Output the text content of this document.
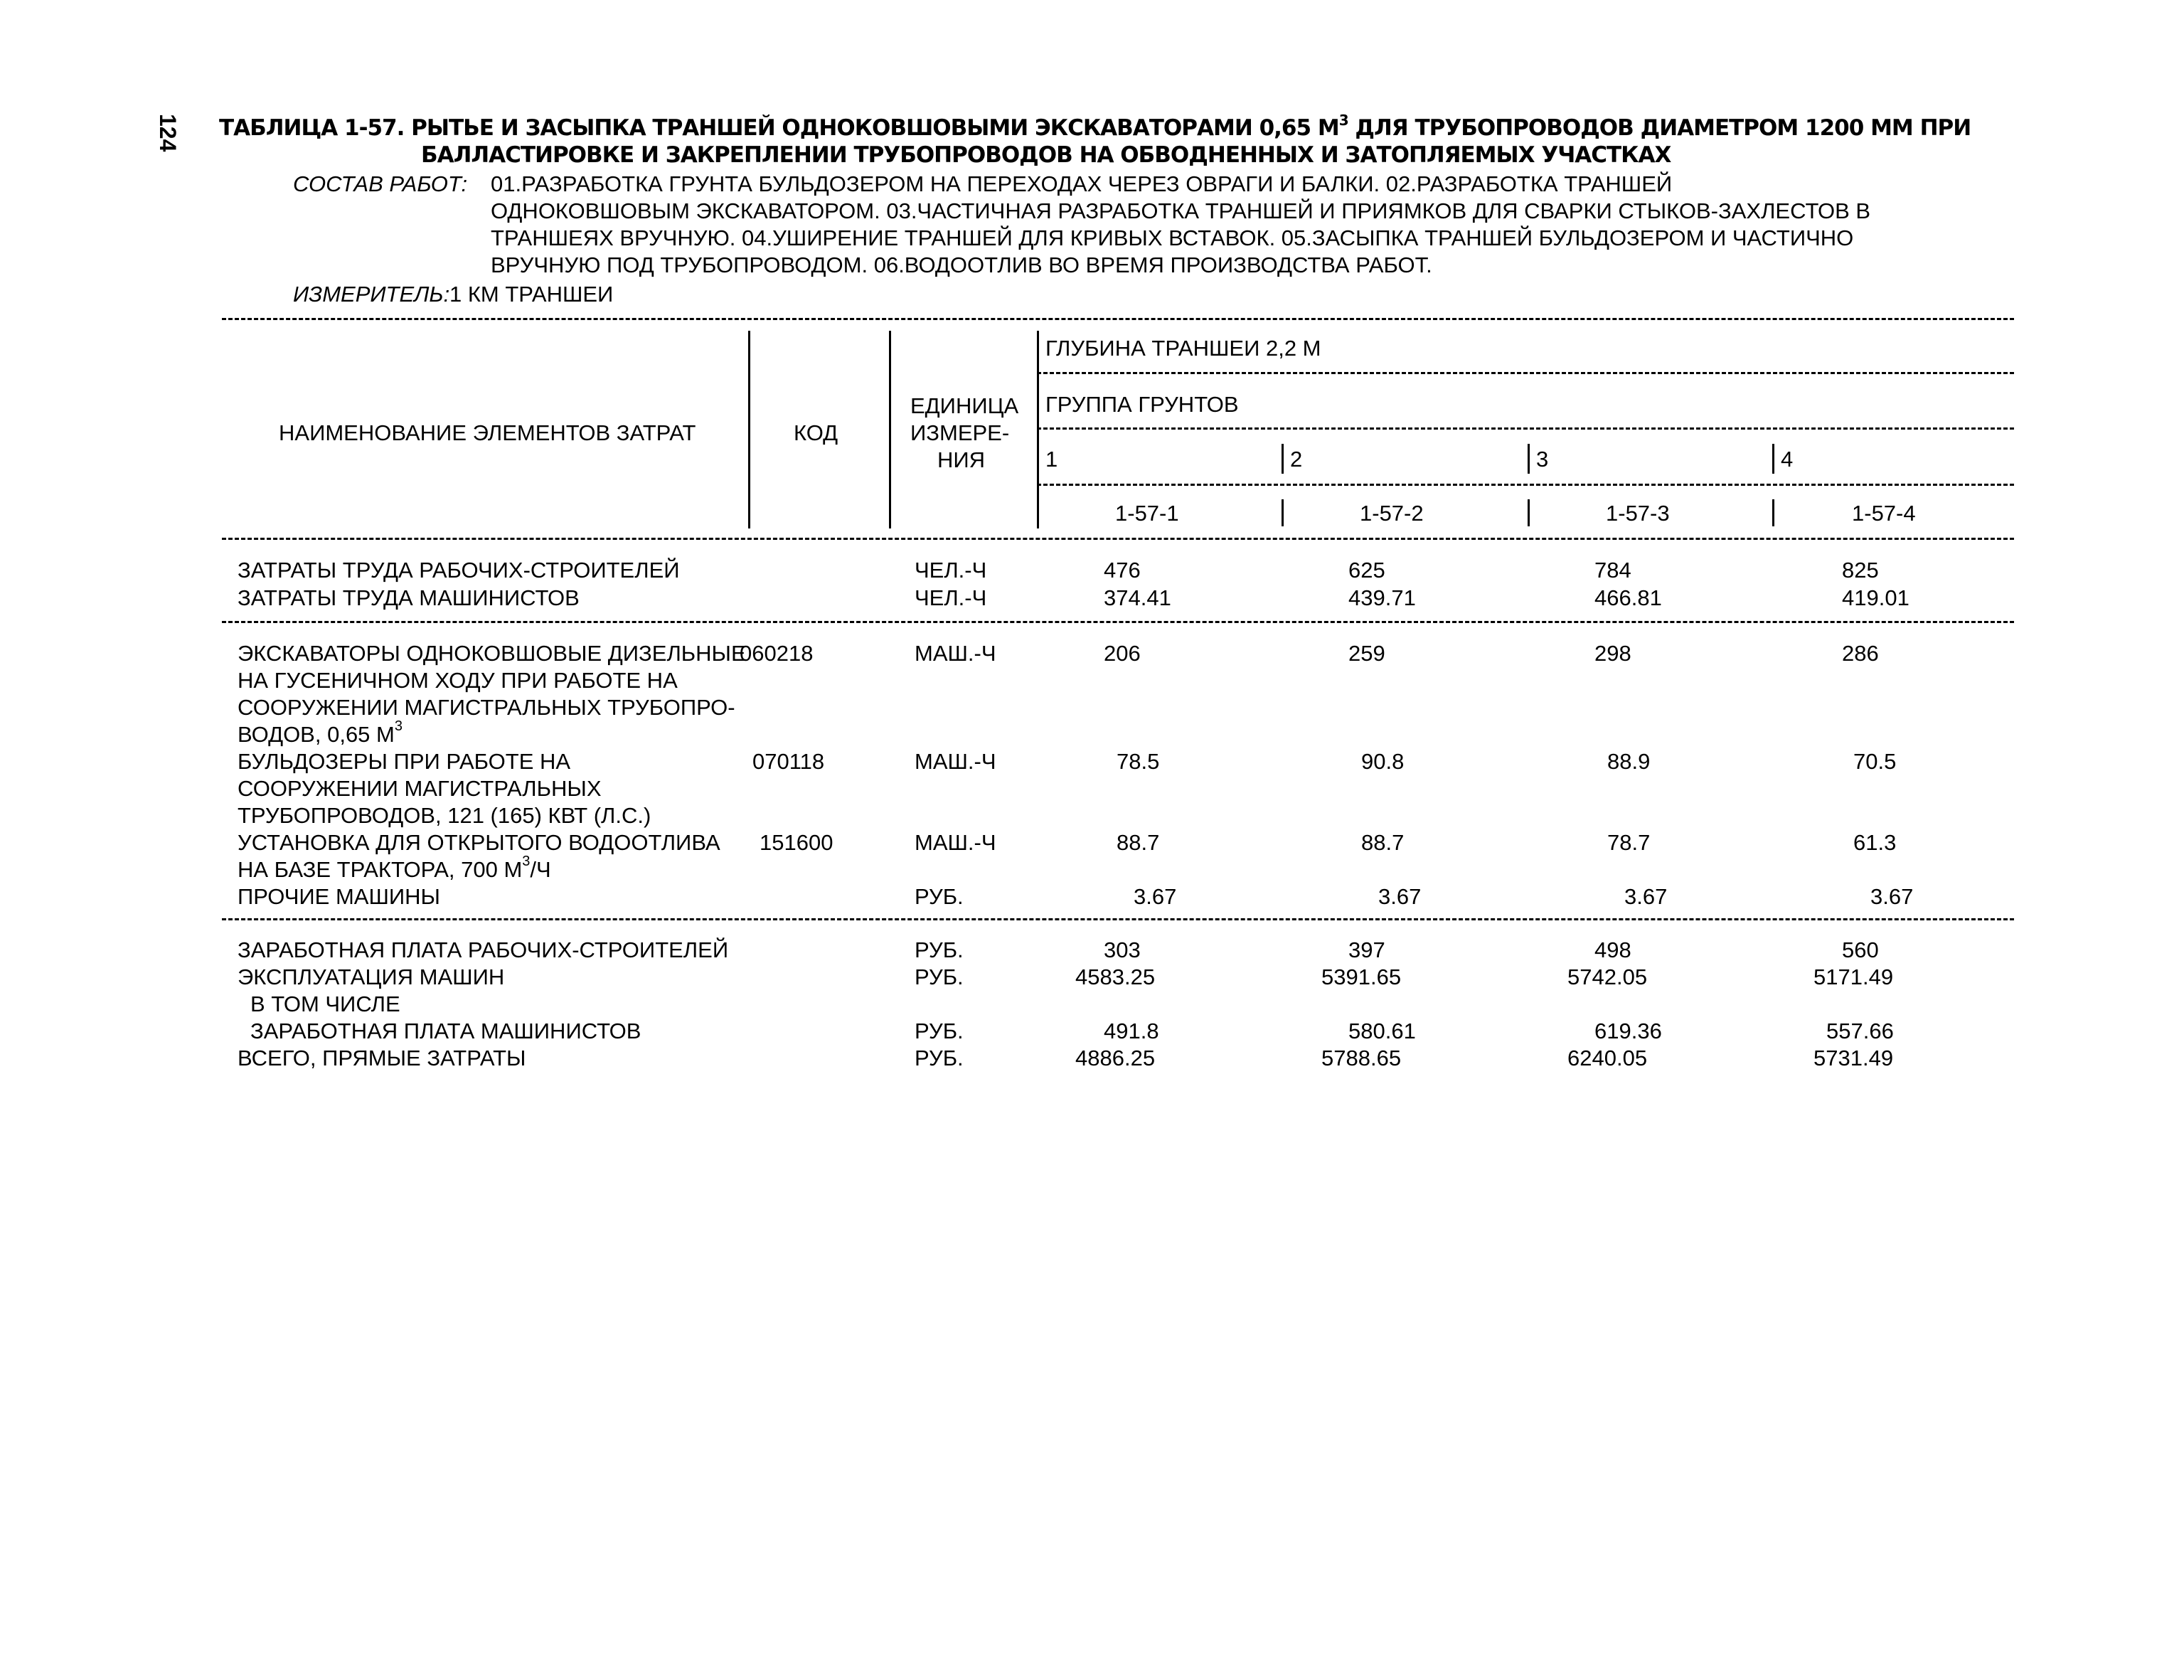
124 ТАБЛИЦА 1-57. РЫТЬЕ И ЗАСЫПКА ТРАНШЕЙ ОДНОКОВШОВЫМИ ЭКСКАВАТОРАМИ 0,65 $М^3$ ДЛЯ ТРУБОПРОВОДОВ ДИАМЕТРОМ 1200 ММ ПРИ
БАЛЛАСТИРОВКЕ И ЗАКРЕПЛЕНИИ ТРУБОПРОВОДОВ НА ОБВОДНЕННЫХ И ЗАТОПЛЯЕМЫХ УЧАСТКАХ
СОСТАВ РАБОТ: 01.РАЗРАБОТКА ГРУНТА БУЛЬДОЗЕРОМ НА ПЕРЕХОДАХ ЧЕРЕЗ ОВРАГИ И БАЛКИ. 02.РАЗРАБОТКА ТРАНШЕЙ
ОДНОКОВШОВЫМ ЭКСКАВАТОРОМ. 03.ЧАСТИЧНАЯ РАЗРАБОТКА ТРАНШЕЙ И ПРИЯМКОВ ДЛЯ СВАРКИ СТЫКОВ-ЗАХЛЕСТОВ В
ТРАНШЕЯХ ВРУЧНУЮ. 04.УШИРЕНИЕ ТРАНШЕЙ ДЛЯ КРИВЫХ ВСТАВОК. 05.ЗАСЫПКА ТРАНШЕЙ БУЛЬДОЗЕРОМ И ЧАСТИЧНО
ВРУЧНУЮ ПОД ТРУБОПРОВОДОМ. 06.ВОДООТЛИВ ВО ВРЕМЯ ПРОИЗВОДСТВА РАБОТ.
ИЗМЕРИТЕЛЬ: 1 КМ ТРАНШЕИ
НАИМЕНОВАНИЕ ЭЛЕМЕНТОВ ЗАТРАТ	КОД
ЕДИНИЦА
ИЗМЕРЕ-
НИЯ
ГЛУБИНА ТРАНШЕИ 2,2 М
ГРУППА ГРУНТОВ
1	2	3	4
1-57-1	1-57-2	1-57-3	1-57-4
ЗАТРАТЫ ТРУДА РАБОЧИХ-СТРОИТЕЛЕЙ	ЧЕЛ.-Ч	476	625	784	825
ЗАТРАТЫ ТРУДА МАШИНИСТОВ	ЧЕЛ.-Ч	374.41	439.71	466.81	419.01
ЭКСКАВАТОРЫ ОДНОКОВШОВЫЕ ДИЗЕЛЬНЫЕ
НА ГУСЕНИЧНОМ ХОДУ ПРИ РАБОТЕ НА
СООРУЖЕНИИ МАГИСТРАЛЬНЫХ ТРУБОПРО-
ВОДОВ, 0,65 $М^3$
060218	МАШ.-Ч	206	259	298	286
БУЛЬДОЗЕРЫ ПРИ РАБОТЕ НА
СООРУЖЕНИИ МАГИСТРАЛЬНЫХ
ТРУБОПРОВОДОВ, 121 (165) КВТ (Л.С.)
070118	МАШ.-Ч	78.5	90.8	88.9	70.5
УСТАНОВКА ДЛЯ ОТКРЫТОГО ВОДООТЛИВА
НА БАЗЕ ТРАКТОРА, 700 $М^3/Ч$
151600	МАШ.-Ч	88.7	88.7	78.7	61.3
ПРОЧИЕ МАШИНЫ	РУБ.	3.67	3.67	3.67	3.67
ЗАРАБОТНАЯ ПЛАТА РАБОЧИХ-СТРОИТЕЛЕЙ	РУБ.	303	397	498	560
ЭКСПЛУАТАЦИЯ МАШИН	РУБ.	4583.25	5391.65	5742.05	5171.49
В ТОМ ЧИСЛЕ
ЗАРАБОТНАЯ ПЛАТА МАШИНИСТОВ	РУБ.	491.8	580.61	619.36	557.66
ВСЕГО, ПРЯМЫЕ ЗАТРАТЫ	РУБ.	4886.25	5788.65	6240.05	5731.49
